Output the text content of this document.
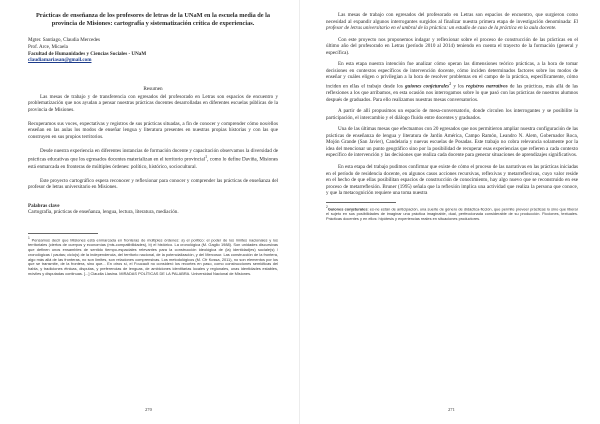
Prácticas de enseñanza de los profesores de letras de la UNaM en la escuela media de la provincia de Misiones: cartografía y sistematización crítica de experiencias.
Mgter. Santiago, Claudia Mercedes
Prof. Arce, Micaela
Facultad de Humanidades y Ciencias Sociales - UNaM
claudiamariasan@gmail.com
Resumen

Las mesas de trabajo y de transferencia con egresados del profesorado en Letras son espacios de encuentro y problematización que nos ayudan a pensar nuestras prácticas docentes desarrolladas en diferentes escuelas públicas de la provincia de Misiones.

Recuperamos sus voces, expectativas y registros de sus prácticas situadas, a fin de conocer y comprender cómo nos/ellos enseñan en las aulas los modos de enseñar lengua y literatura presentes en nuestras propias historias y con las que construyen en sus propios territorios.

Desde nuestra experiencia en diferentes instancias de formación docente y capacitación observamos la diversidad de prácticas educativas que los egresados docentes materializan en el territorio provincial$^1$, como lo define Daviña, Misiones está enmarcada en fronteras de múltiples órdenes: político, histórico, sociocultural.

Este proyecto cartográfico espera reconocer y reflexionar para conocer y comprender las prácticas de enseñanza del profesor de letras universitario en Misiones.

Palabras clave
Cartografía, prácticas de enseñanza, lengua, lectura, literatura, mediación.
$^1$ Pensamos decir que Misiones está enmarcada en fronteras de múltiples órdenes: a) el político: el poder de los límites nacionales y los territoriales (ciertos de cuerpos y economías (mis-compatibilidades), b) el histórico. La cronológica (M. Gaglio 1988). Son unidades discursivas que definen unos ensambles de sentido tiempo-espaciales relevantes para la construcción ideológica de (la) identidad(es) sociale(s) / cronológicas / pautas; ciclo(s) de la independencia, del territorio nacional, de la potencialización, y del Mercosur. Las construcción de la frontera, algo más allá de las fronteras, no son límites, son relaciones comprensivas. Los metodológicos (M. Cfr Kossa, 2011), no son elementos por los que se transmite, de la frontera, sino que... En otros sí, el Foucault no consideró los recortes en paso, como construcciones semióticas del habla, y tradiciones étnicas, disputas, y preferencias de lenguas, de ambiciones identitarias locales y regionales, unas identidades estables, móviles y disputadas continuas. [...] Claudia Llasina. MIRADAS POLÍTICAS DE LA PALABRA. Universidad Nacional de Misiones.
270

Las mesas de trabajo con egresados del profesorado en Letras son espacios de encuentro, que surgieron como necesidad al expandir algunos interrogantes surgidos al finalizar nuestra primera etapa de investigación denominada: El profesor de letras universitario en el umbral de la práctica: un estudio de caso de la práctica en la aula docente.

Con este proyecto nos proponemos indagar y reflexionar sobre el proceso de construcción de las prácticas en el último año del profesorado en Letras (período 2010 al 2014) teniendo en cuenta el trayecto de la formación (general y específica).

En esta etapa nuestra intención fue analizar cómo operan las dimensiones teórico prácticas, a la hora de tomar decisiones en contextos específicos de intervención docente, cómo inciden determinados factores sobre los modos de enseñar y cuáles eligen o privilegian a la hora de resolver problemas en el campo de la práctica, específicamente, cómo inciden en ellas el trabajo desde los guiones conjeturales$^2$ y los registros narrativos de las prácticas, más allá de las reflexiones a los que arribamos, en esta ocasión nos interrogamos sobre lo que pasó con las prácticas de nuestros alumnos después de graduados. Para ello realizamos nuestras mesas conversatorios.

A partir de allí propusimos un espacio de mesa-conversatorio, donde circulen los interrogantes y se posibilite la participación, el intercambio y el diálogo fluido entre docentes y graduados.

Una de las últimas mesas que efectuamos con 20 egresados que nos permitieron ampliar nuestra configuración de las prácticas de enseñanza de lengua y literatura de Jardín América, Campo Ramón, Leandro N. Alem, Gobernador Roca, Mojón Grande (San Javier), Candelaria y nuevas escuelas de Posadas. Este trabajo no cobra relevancia solamente por la idea del mencionar un punto geográfico sino por la posibilidad de recuperar esas experiencias que refieren a cada contexto específico de intervención y las decisiones que realiza cada docente para generar situaciones de aprendizajes significativos.

En esta etapa del trabajo pudimos confirmar que existe de cómo el proceso de las narrativas en las prácticas iniciadas en el período de residencia docente, en algunos casos acciones recursivas, reflexivas y metarreflexivas, cuyo valor reside en el hecho de que ellas posibilitan espacios de construcción de conocimiento, hay algo nuevo que se reconstruido en ese proceso de metarreflexión. Bruner (1995) señala que la reflexión implica una actividad que realiza la persona que conoce, y que la metacognición requiere una toma nuestra

$^2$Guiones conjeturales: es-ne están de anticipación, una suerte de género de didáctica-ficción, que permite preveer prácticas lo sino que liberar el sujeto en sus posibilidades de imaginar una práctica imaginable, dual, perfeccionada considerable de su producción. Ficciones, textuales. Prácticas docentes y en ellos: hipótesis y experiencias reales en situaciones productores.
271
